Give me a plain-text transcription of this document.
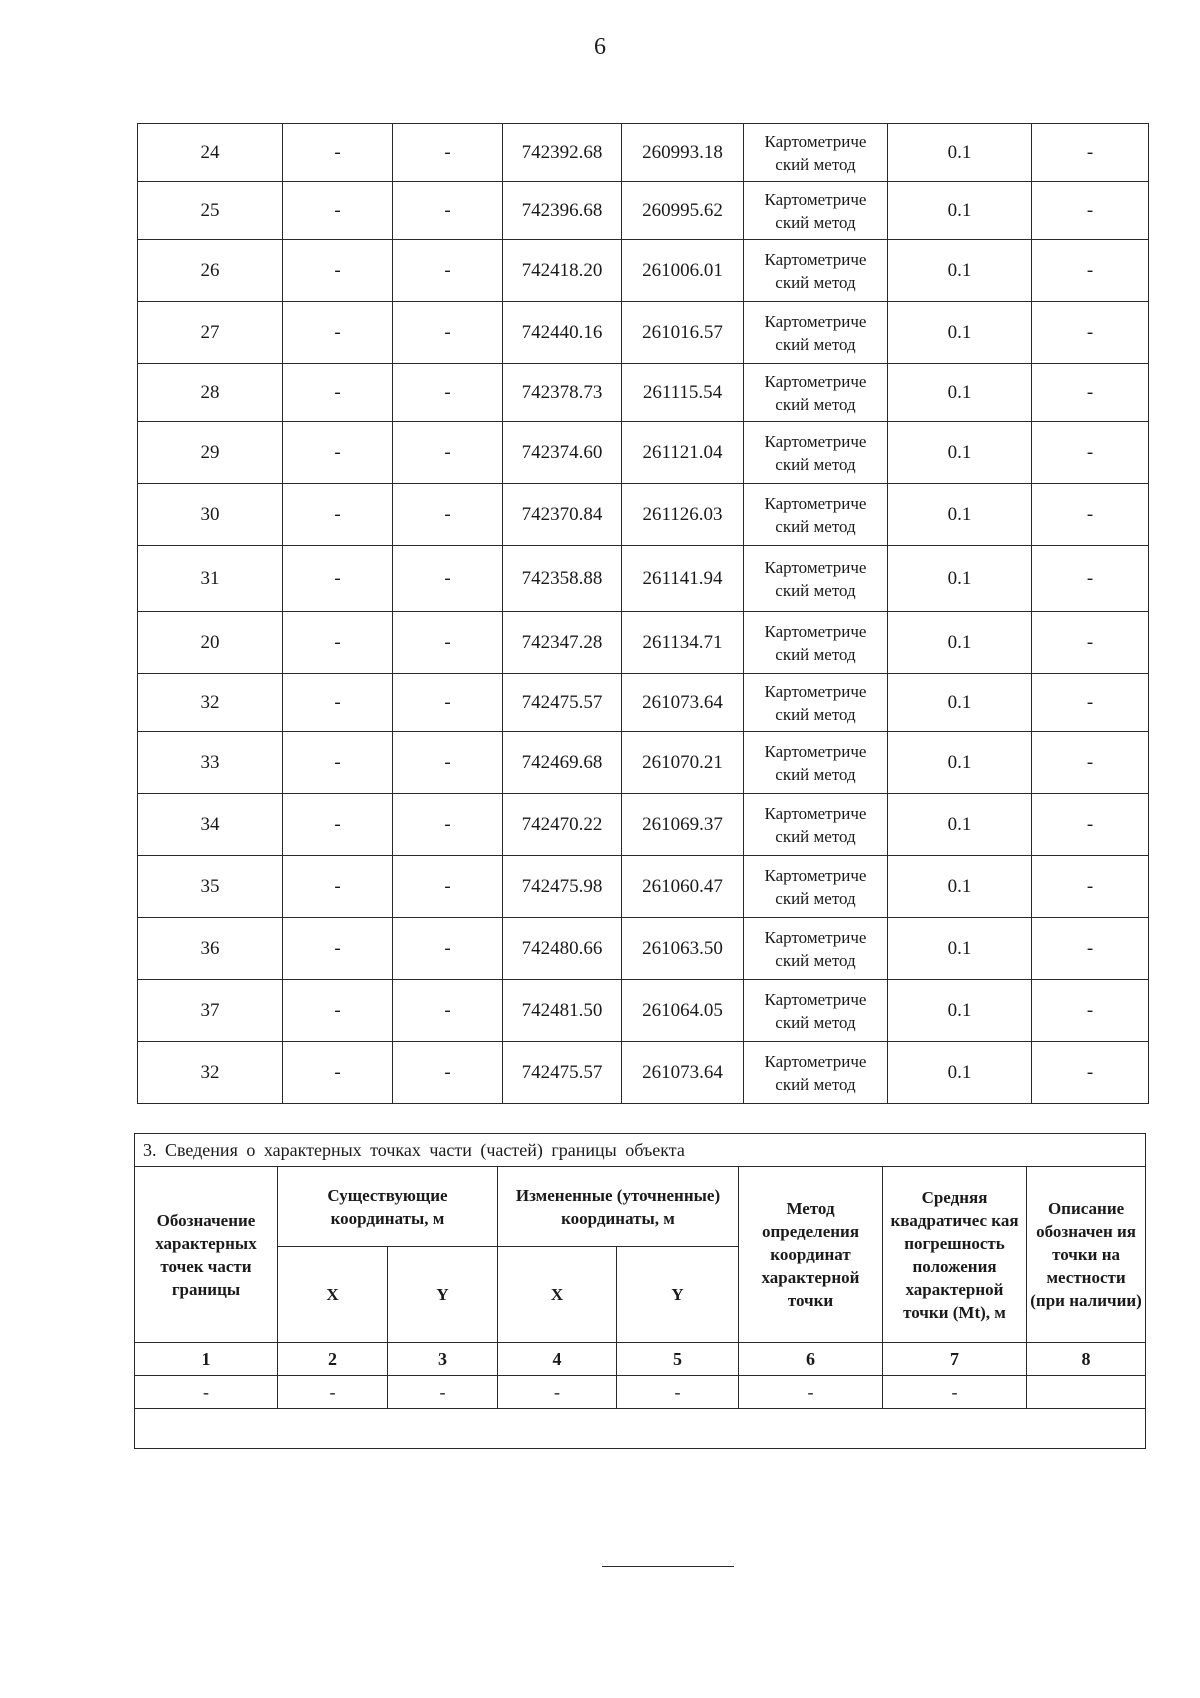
6
24	-	-	742392.68	260993.18	Картометриче
ский метод	0.1	-
25	-	-	742396.68	260995.62	Картометриче
ский метод	0.1	-
26	-	-	742418.20	261006.01	Картометриче
ский метод	0.1	-
27	-	-	742440.16	261016.57	Картометриче
ский метод	0.1	-
28	-	-	742378.73	261115.54	Картометриче
ский метод	0.1	-
29	-	-	742374.60	261121.04	Картометриче
ский метод	0.1	-
30	-	-	742370.84	261126.03	Картометриче
ский метод	0.1	-
31	-	-	742358.88	261141.94	Картометриче
ский метод	0.1	-
20	-	-	742347.28	261134.71	Картометриче
ский метод	0.1	-
32	-	-	742475.57	261073.64	Картометриче
ский метод	0.1	-
33	-	-	742469.68	261070.21	Картометриче
ский метод	0.1	-
34	-	-	742470.22	261069.37	Картометриче
ский метод	0.1	-
35	-	-	742475.98	261060.47	Картометриче
ский метод	0.1	-
36	-	-	742480.66	261063.50	Картометриче
ский метод	0.1	-
37	-	-	742481.50	261064.05	Картометриче
ский метод	0.1	-
32	-	-	742475.57	261073.64	Картометриче
ский метод	0.1	-
3. Сведения о характерных точках части (частей) границы объекта							
Обозначение характерных точек части границы	Существующие координаты, м		Измененные (уточненные) координаты, м		Метод определения координат характерной точки	Средняя квадратичес кая погрешность положения характерной точки (Mt), м	Описание обозначен ия точки на местности (при наличии)
	X	Y	X	Y			
1	2	3	4	5	6	7	8
-	-	-	-	-	-	-	
